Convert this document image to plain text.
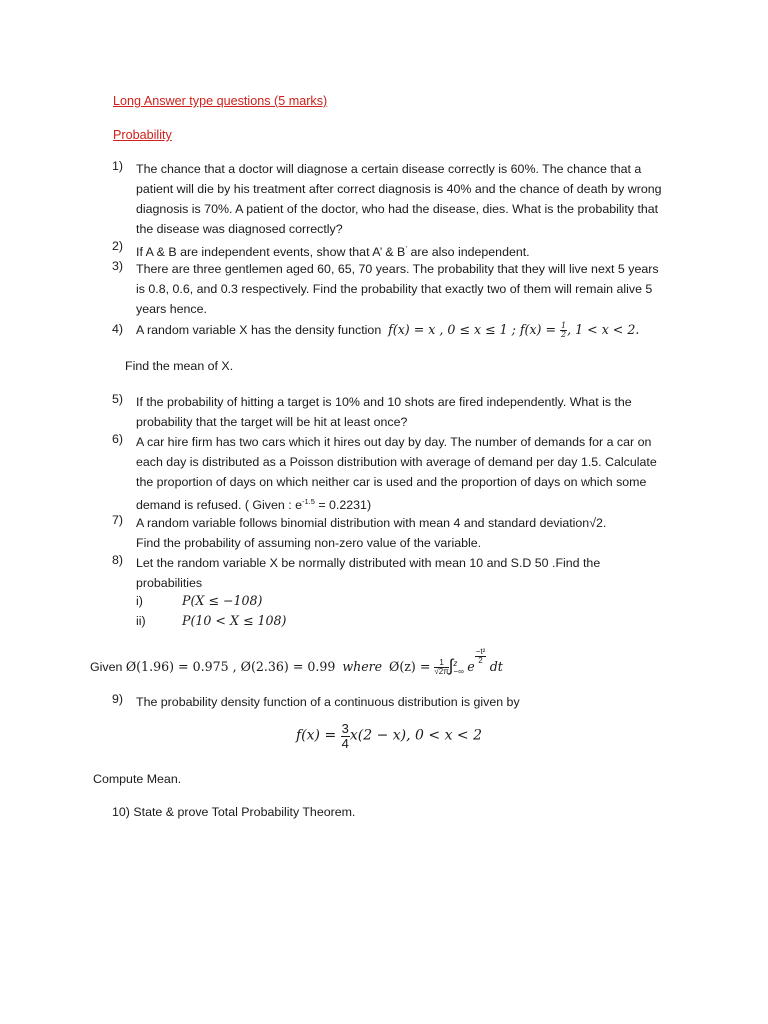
Long Answer type questions (5 marks)
Probability
1)	The chance that a doctor will diagnose a certain disease correctly is 60%. The chance that a
patient will die by his treatment after correct diagnosis is 40% and the chance of death by wrong
diagnosis is 70%. A patient of the doctor, who had the disease, dies. What is the probability that
the disease was diagnosed correctly?
2)	If A & B are independent events, show that A’ & B’ are also independent.
3)	There are three gentlemen aged 60, 65, 70 years. The probability that they will live next 5 years
is 0.8, 0.6, and 0.3 respectively. Find the probability that exactly two of them will remain alive 5
years hence.
4)	A random variable X has the density function f(x) = x , 0 ≤ x ≤ 1 ; $f(x) = \frac{1}{2}$ , 1 < x < 2.
Find the mean of X.
5)	If the probability of hitting a target is 10% and 10 shots are fired independently. What is the
probability that the target will be hit at least once?
6)	A car hire firm has two cars which it hires out day by day. The number of demands for a car on
each day is distributed as a Poisson distribution with average of demand per day 1.5. Calculate
the proportion of days on which neither car is used and the proportion of days on which some
demand is refused. ( Given : $e^{-1.5} = 0.2231$)
7)	A random variable follows binomial distribution with mean 4 and standard deviation√2.
Find the probability of assuming non-zero value of the variable.
8)	Let the random variable X be normally distributed with mean 10 and S.D 50 .Find the
probabilities
i)	P(X ≤ −108)
ii)	P(10 < X ≤ 108)
Given Ø(1.96) = 0.975 , Ø(2.36) = 0.99 where Ø(z) = $\frac{1}{√2\pi}$ ∫ z
−∞ e
$\frac{\text{−t²}}{2}$
dt
9)	The probability density function of a continuous distribution is given by
$f(x) = \frac{3}{4} x(2 - x)$, 0 < x < 2
Compute Mean.
10) State & prove Total Probability Theorem.
